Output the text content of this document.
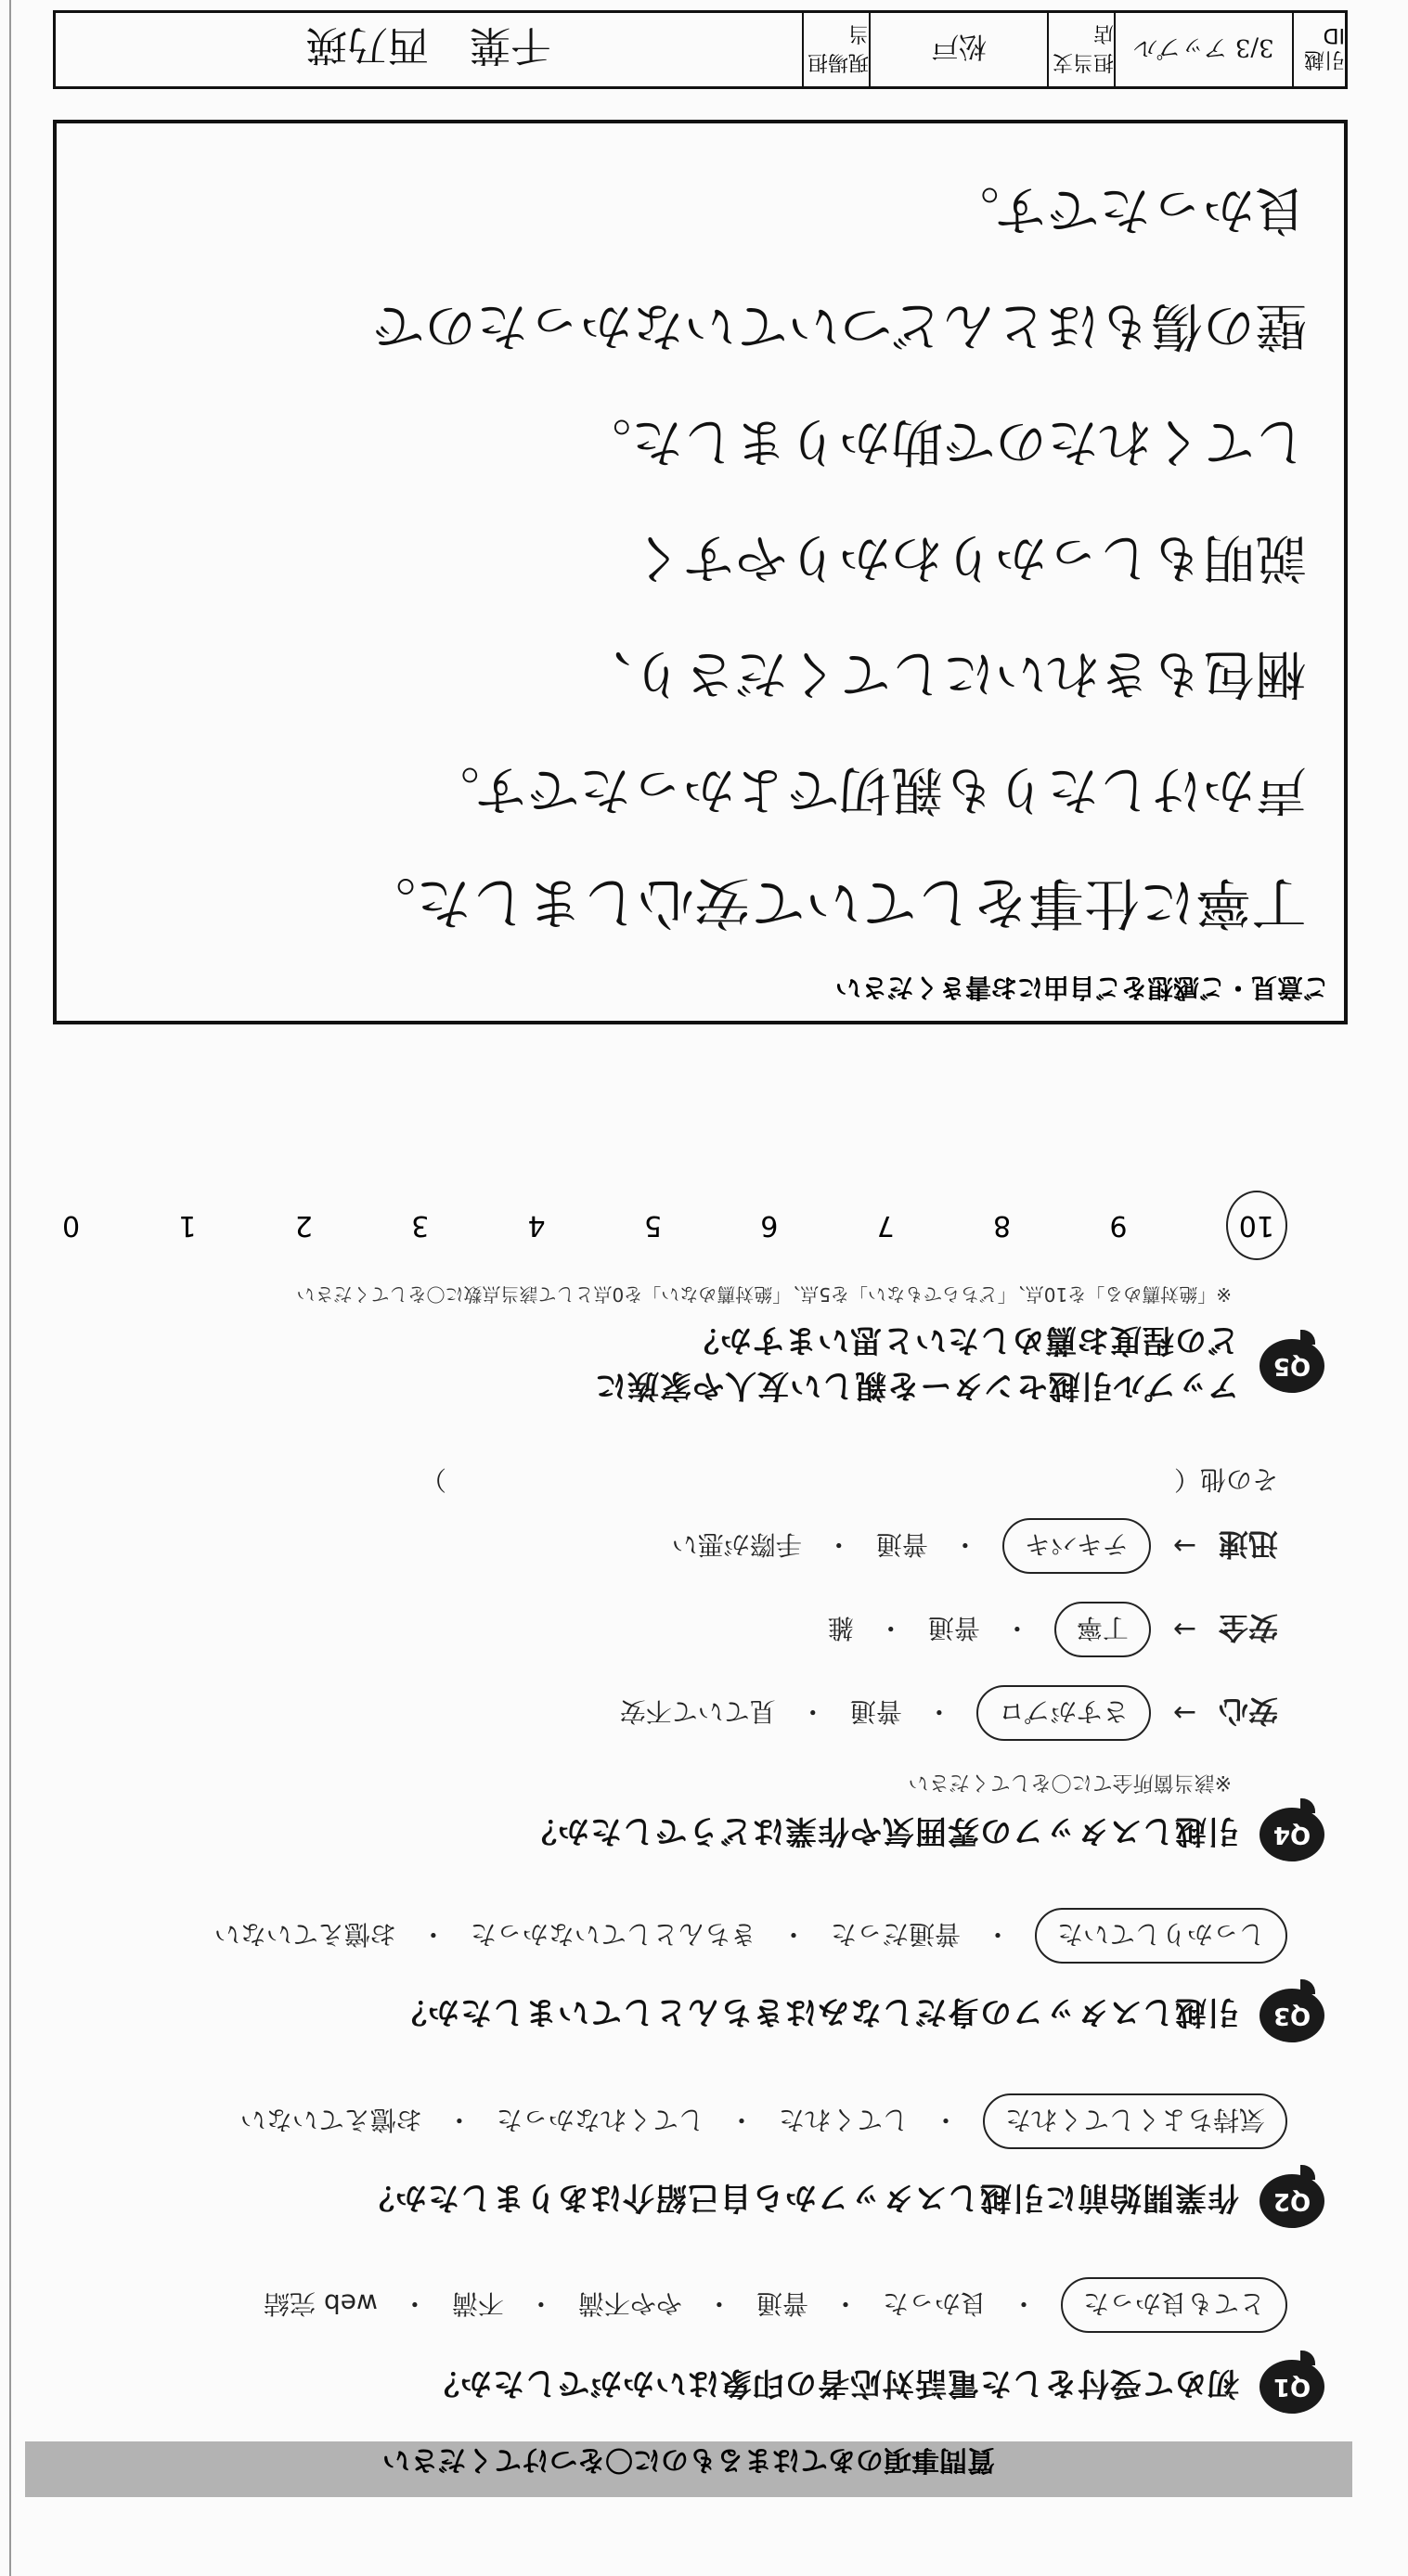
質問事項のあてはまるものに〇をつけてください
Q1
初めて受付をした電話対応者の印象はいかがでしたか？
とても良かった
・
良かった
・
普通
・
やや不満
・
不満
・
web 完結
Q2
作業開始前に引越しスタッフから自己紹介はありましたか？
気持ちよくしてくれた
・
してくれた
・
してくれなかった
・
お憶えていない
Q3
引越しスタッフの身だしなみはきちんとしていましたか？
しっかりしていた
・
普通だった
・
きちんとしていなかった
・
お憶えていない
Q4
引越しスタッフの雰囲気や作業はどうでしたか？
※該当箇所全てに〇をしてください
安心
→
さすがプロ
・
普通
・
見ていて不安
安全
→
丁寧
・
普通
・
雑
迅速
→
テキパキ
・
普通
・
手際が悪い
その他（　　　　　　　　　　　　　　　　　　　　　　　　　　　　）
Q5
アップル引越センターを親しい友人や家族に
どの程度お薦めしたいと思いますか？
※「絶対薦める」を10点、「どちらでもない」を5点、「絶対薦めない」を0点として該当点数に〇をしてください
10
9
8
7
6
5
4
3
2
1
0
ご意見・ご感想をご自由にお書きください
丁寧に仕事をしていて安心しました。
声かけしたりも親切でよかったです。
梱包もきれいにしてくださり、
説明もしっかりわかりやすく
してくれたので助かりました。
壁の傷もほとんどついていなかったので
良かったです。
引越ID
3/3 アップル
担当支店
松戸
現場担当
千葉　西乃瑛
